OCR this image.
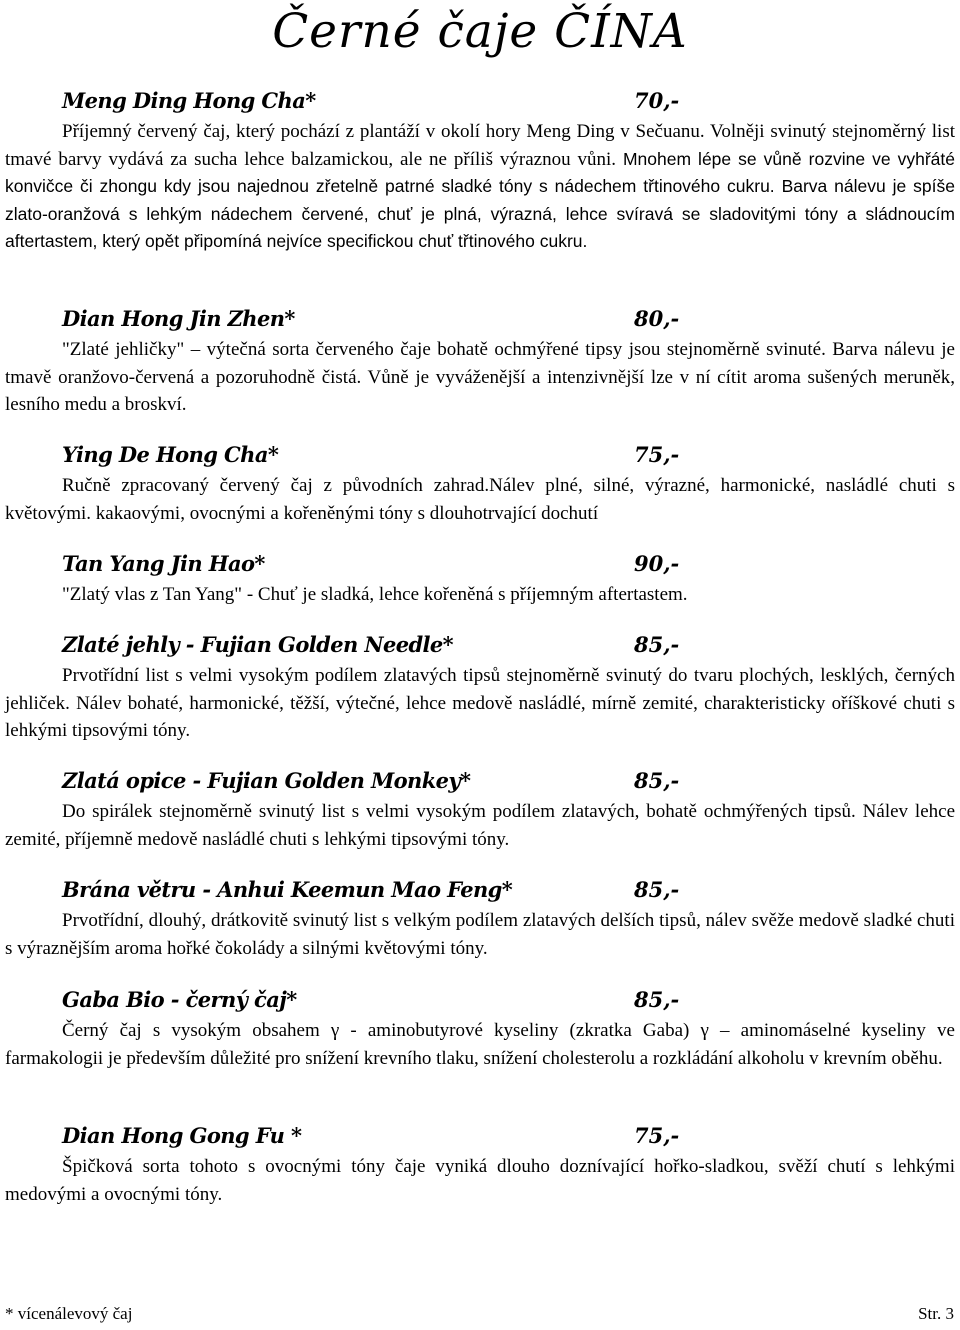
Černé čaje ČÍNA
Meng Ding Hong Cha*	70,-

Příjemný červený čaj, který pochází z plantáží v okolí hory Meng Ding v Sečuanu. Volněji svinutý stejnoměrný list tmavé barvy vydává za sucha lehce balzamickou, ale ne příliš výraznou vůni. Mnohem lépe se vůně rozvine ve vyhřáté konvičce či zhongu kdy jsou najednou zřetelně patrné sladké tóny s nádechem třtinového cukru. Barva nálevu je spíše zlato-oranžová s lehkým nádechem červené, chuť je plná, výrazná, lehce svíravá se sladovitými tóny a sládnoucím aftertastem, který opět připomíná nejvíce specifickou chuť třtinového cukru.

Dian Hong Jin Zhen*	80,-

"Zlaté jehličky" – výtečná sorta červeného čaje bohatě ochmýřené tipsy jsou stejnoměrně svinuté. Barva nálevu je tmavě oranžovo-červená a pozoruhodně čistá. Vůně je vyváženější a intenzivnější lze v ní cítit aroma sušených meruněk, lesního medu a broskví.

Ying De Hong Cha*	75,-

Ručně zpracovaný červený čaj z původních zahrad.Nálev plné, silné, výrazné, harmonické, nasládlé chuti s květovými. kakaovými, ovocnými a kořeněnými tóny s dlouhotrvající dochutí

Tan Yang Jin Hao*	90,-

"Zlatý vlas z Tan Yang" - Chuť je sladká, lehce kořeněná s příjemným aftertastem.

Zlaté jehly - Fujian Golden Needle*	85,-

Prvotřídní list s velmi vysokým podílem zlatavých tipsů stejnoměrně svinutý do tvaru plochých, lesklých, černých jehliček. Nálev bohaté, harmonické, těžší, výtečné, lehce medově nasládlé, mírně zemité, charakteristicky oříškové chuti s lehkými tipsovými tóny.

Zlatá opice - Fujian Golden Monkey*	85,-

Do spirálek stejnoměrně svinutý list s velmi vysokým podílem zlatavých, bohatě ochmýřených tipsů. Nálev lehce zemité, příjemně medově nasládlé chuti s lehkými tipsovými tóny.

Brána větru - Anhui Keemun Mao Feng*	85,-

Prvotřídní, dlouhý, drátkovitě svinutý list s velkým podílem zlatavých delších tipsů, nálev svěže medově sladké chuti s výraznějším aroma hořké čokolády a silnými květovými tóny.

Gaba Bio - černý čaj*	85,-

Černý čaj s vysokým obsahem γ - aminobutyrové kyseliny (zkratka Gaba) γ – aminomáselné kyseliny ve farmakologii je především důležité pro snížení krevního tlaku, snížení cholesterolu a rozkládání alkoholu v krevním oběhu.

Dian Hong Gong Fu *	75,-

Špičková sorta tohoto s ovocnými tóny čaje vyniká dlouho doznívající hořko-sladkou, svěží chutí s lehkými medovými a ovocnými tóny.

* vícenálevový čaj	Str. 3
